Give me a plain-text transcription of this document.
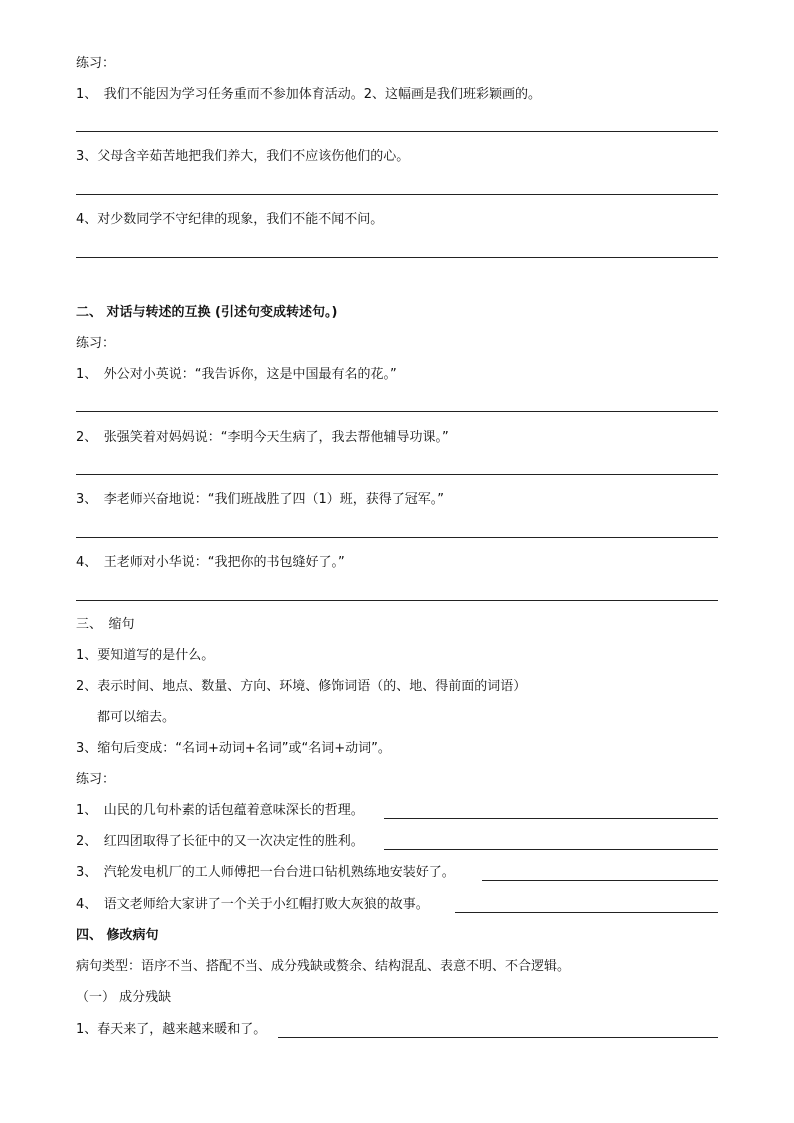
练习：
1、　我们不能因为学习任务重而不参加体育活动。2、这幅画是我们班彩颖画的。
3、父母含辛茹苦地把我们养大，我们不应该伤他们的心。
4、对少数同学不守纪律的现象，我们不能不闻不问。
二、 对话与转述的互换 (引述句变成转述句。)
练习：
1、　外公对小英说：“我告诉你，这是中国最有名的花。”
2、　张强笑着对妈妈说：“李明今天生病了，我去帮他辅导功课。”
3、　李老师兴奋地说：“我们班战胜了四（1）班，获得了冠军。”
4、　王老师对小华说：“我把你的书包缝好了。”
三、　缩句
1、要知道写的是什么。
2、表示时间、地点、数量、方向、环境、修饰词语（的、地、得前面的词语）
都可以缩去。
3、缩句后变成：“名词+动词+名词”或“名词+动词”。
练习：
1、　山民的几句朴素的话包蕴着意味深长的哲理。
2、　红四团取得了长征中的又一次决定性的胜利。
3、　汽轮发电机厂的工人师傅把一台台进口钻机熟练地安装好了。
4、　语文老师给大家讲了一个关于小红帽打败大灰狼的故事。
四、 修改病句
病句类型：语序不当、搭配不当、成分残缺或赘余、结构混乱、表意不明、不合逻辑。
（一） 成分残缺
1、春天来了，越来越来暖和了。
